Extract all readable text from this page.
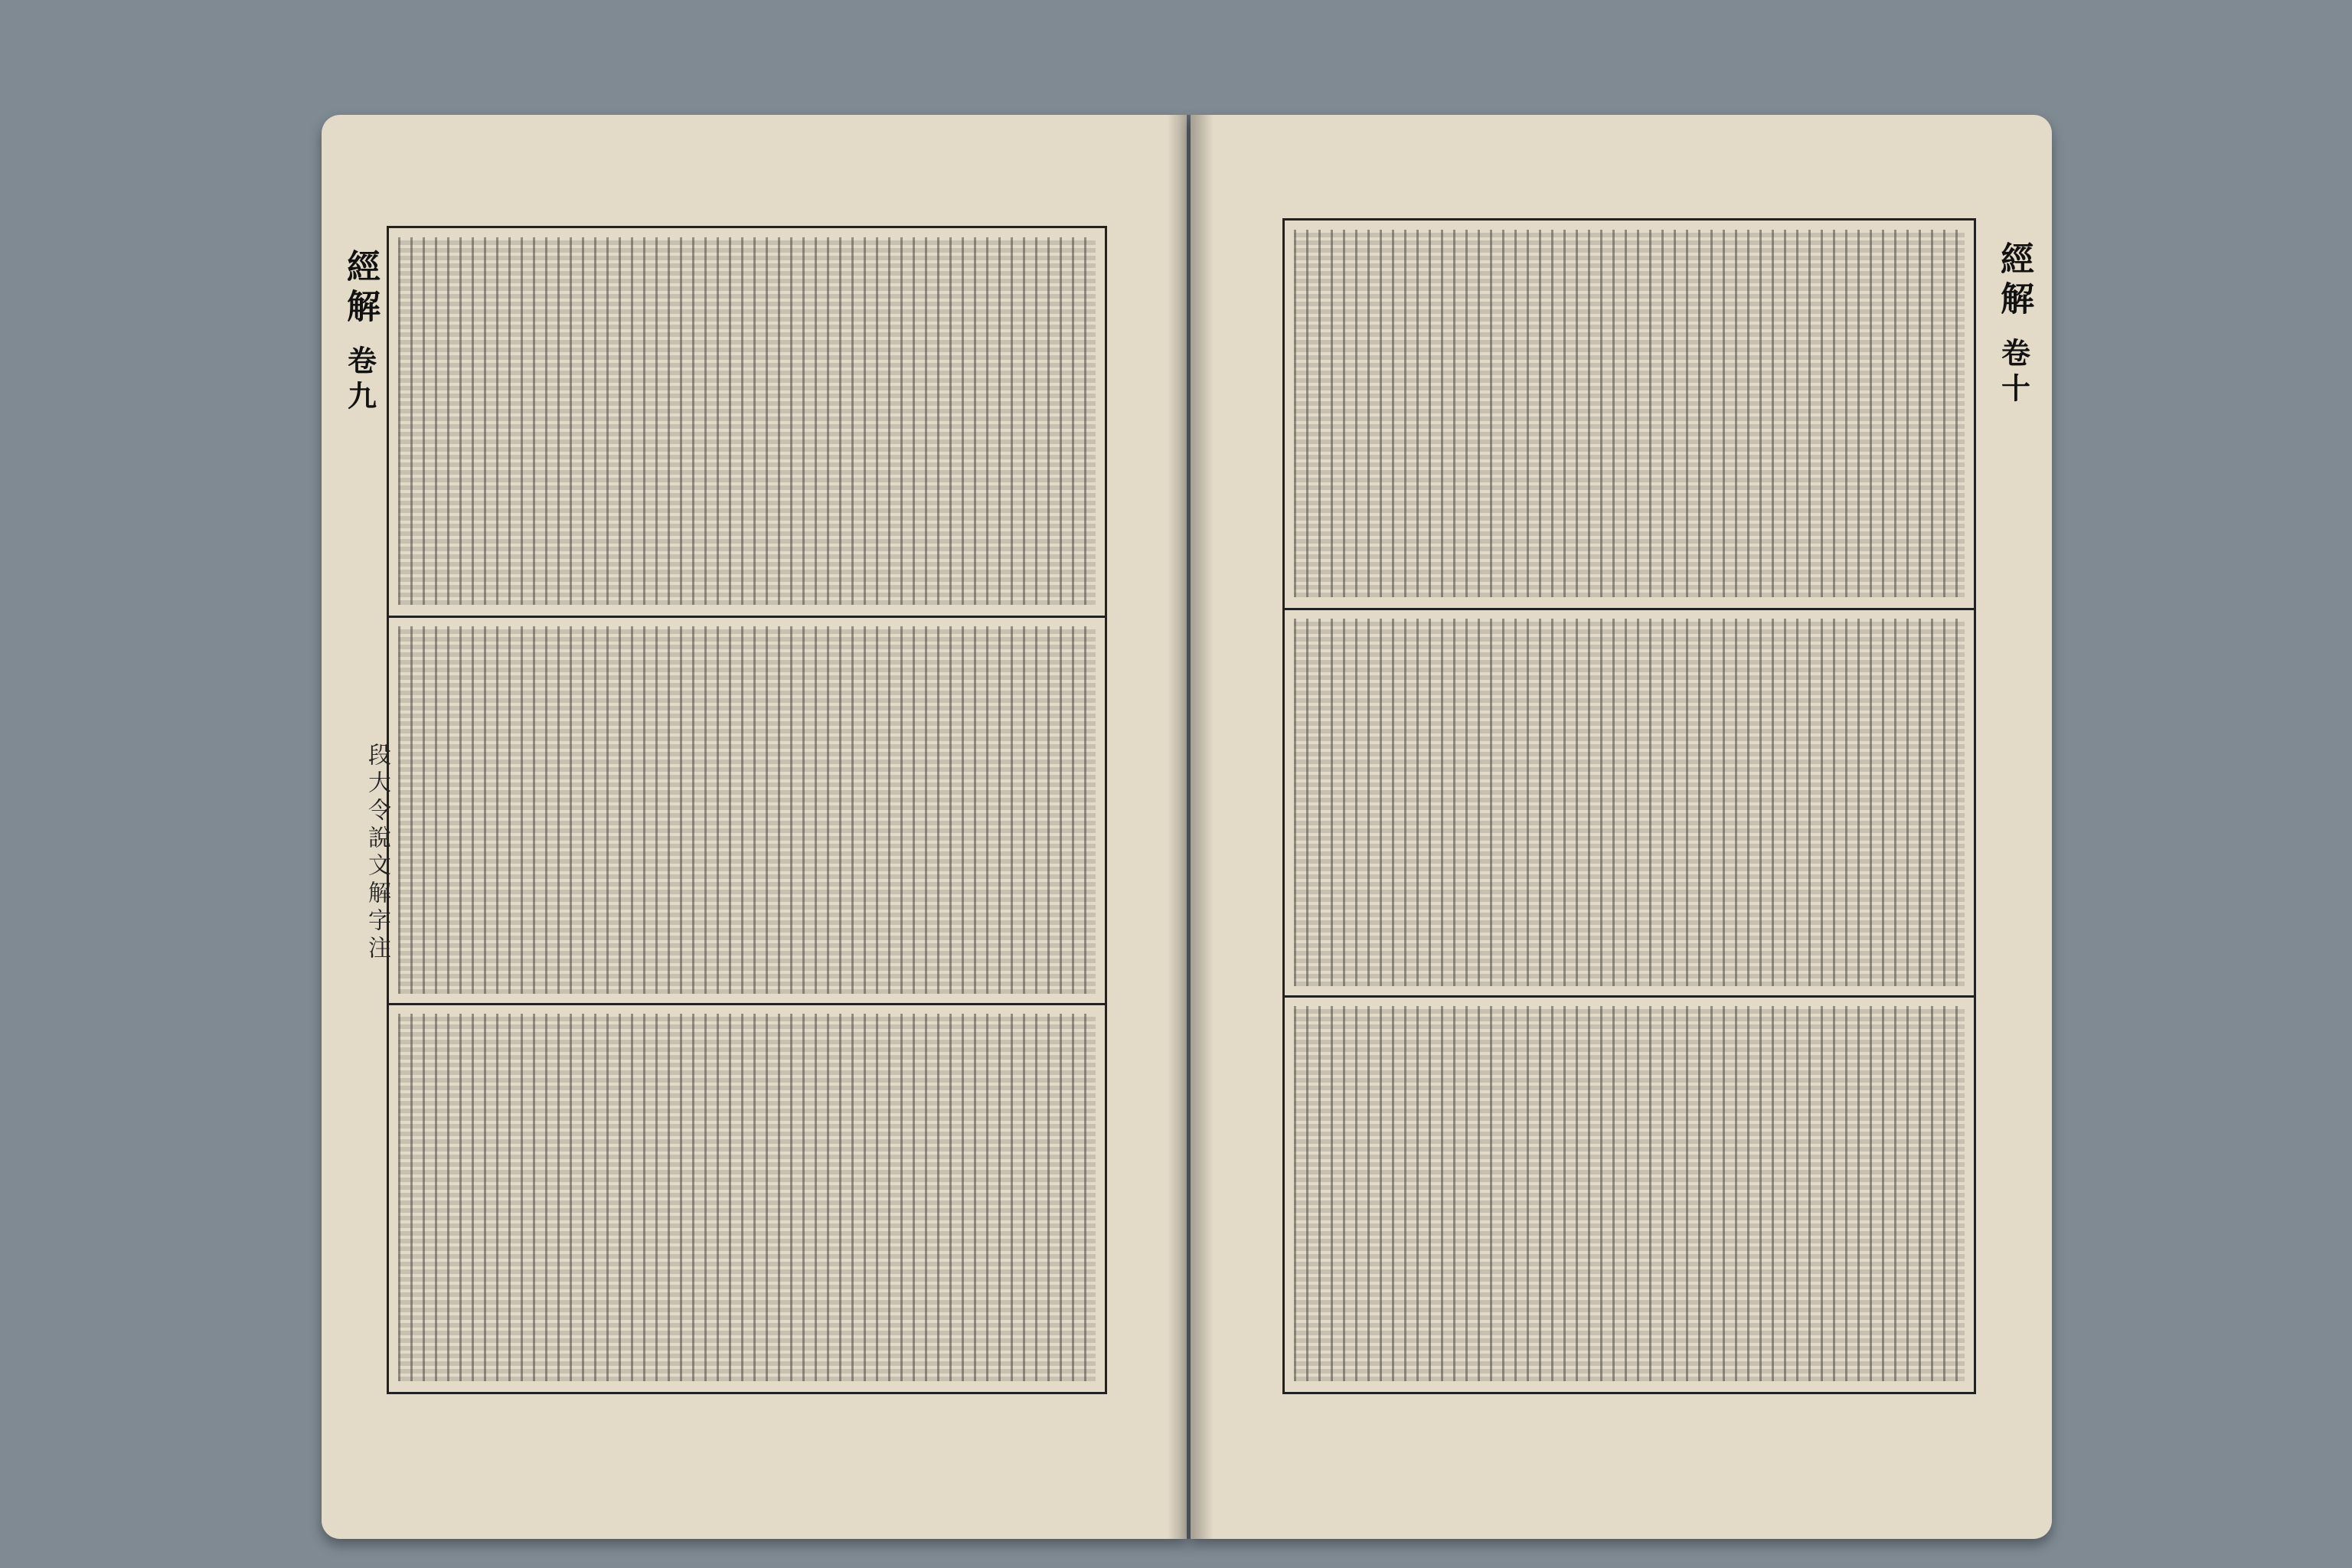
經解
卷九
段大令說文解字注
經解
卷十
